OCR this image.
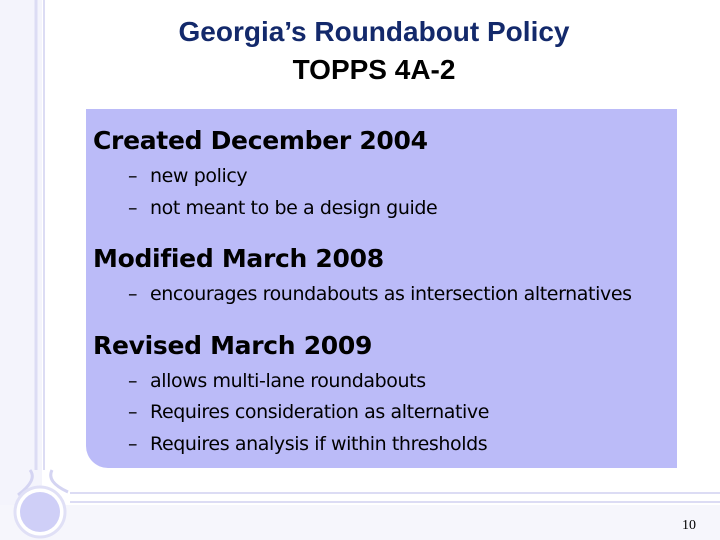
Georgia’s Roundabout Policy
TOPPS 4A-2
Created December 2004
– new policy
– not meant to be a design guide
Modified March 2008
– encourages roundabouts as intersection alternatives
Revised March 2009
– allows multi-lane roundabouts
– Requires consideration as alternative
– Requires analysis if within thresholds
10
